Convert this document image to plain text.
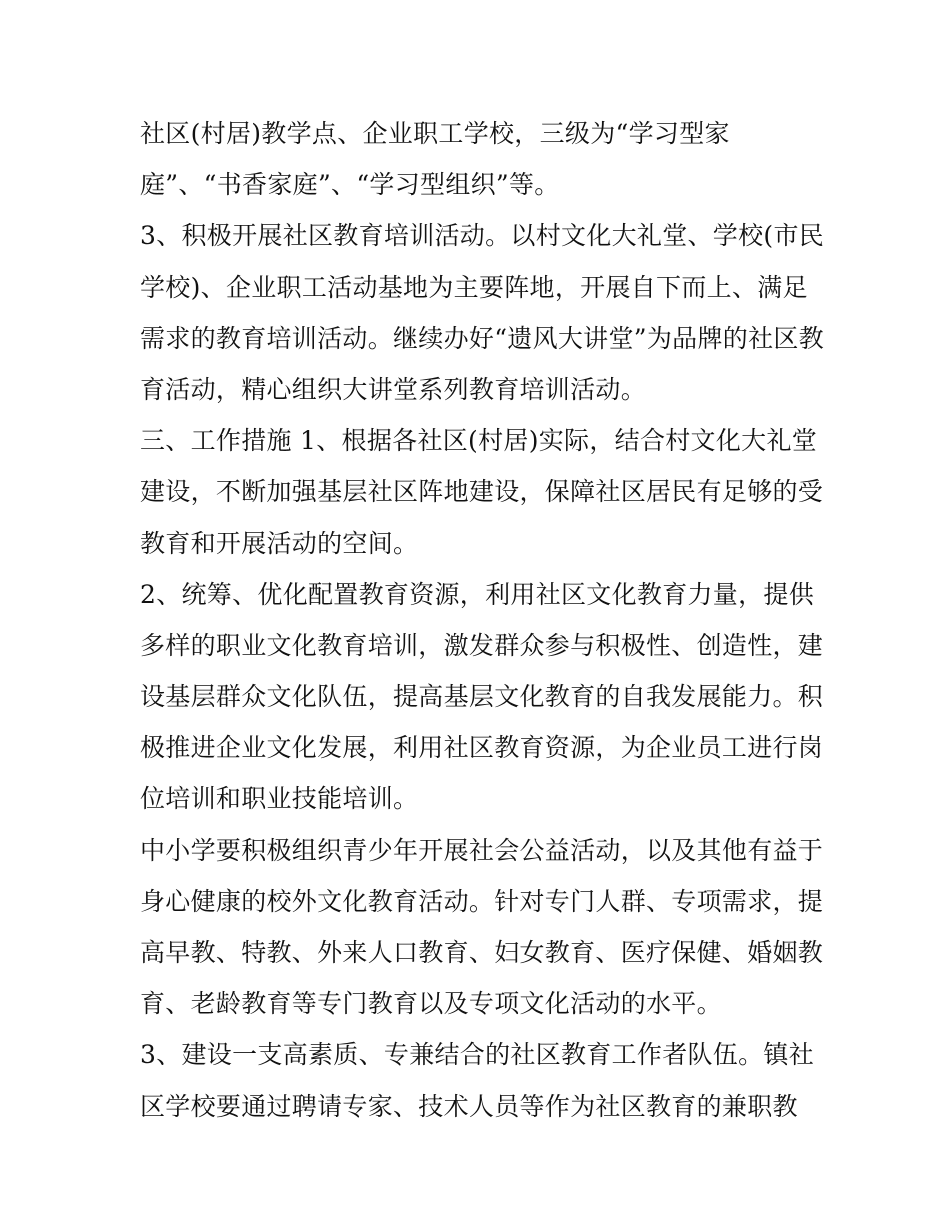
社区(村居)教学点、企业职工学校，三级为“学习型家
庭”、“书香家庭”、“学习型组织”等。
3、积极开展社区教育培训活动。以村文化大礼堂、学校(市民
学校)、企业职工活动基地为主要阵地，开展自下而上、满足
需求的教育培训活动。继续办好“遗风大讲堂”为品牌的社区教
育活动，精心组织大讲堂系列教育培训活动。
三、工作措施 1、根据各社区(村居)实际，结合村文化大礼堂
建设，不断加强基层社区阵地建设，保障社区居民有足够的受
教育和开展活动的空间。
2、统筹、优化配置教育资源，利用社区文化教育力量，提供
多样的职业文化教育培训，激发群众参与积极性、创造性，建
设基层群众文化队伍，提高基层文化教育的自我发展能力。积
极推进企业文化发展，利用社区教育资源，为企业员工进行岗
位培训和职业技能培训。
中小学要积极组织青少年开展社会公益活动，以及其他有益于
身心健康的校外文化教育活动。针对专门人群、专项需求，提
高早教、特教、外来人口教育、妇女教育、医疗保健、婚姻教
育、老龄教育等专门教育以及专项文化活动的水平。
3、建设一支高素质、专兼结合的社区教育工作者队伍。镇社
区学校要通过聘请专家、技术人员等作为社区教育的兼职教
